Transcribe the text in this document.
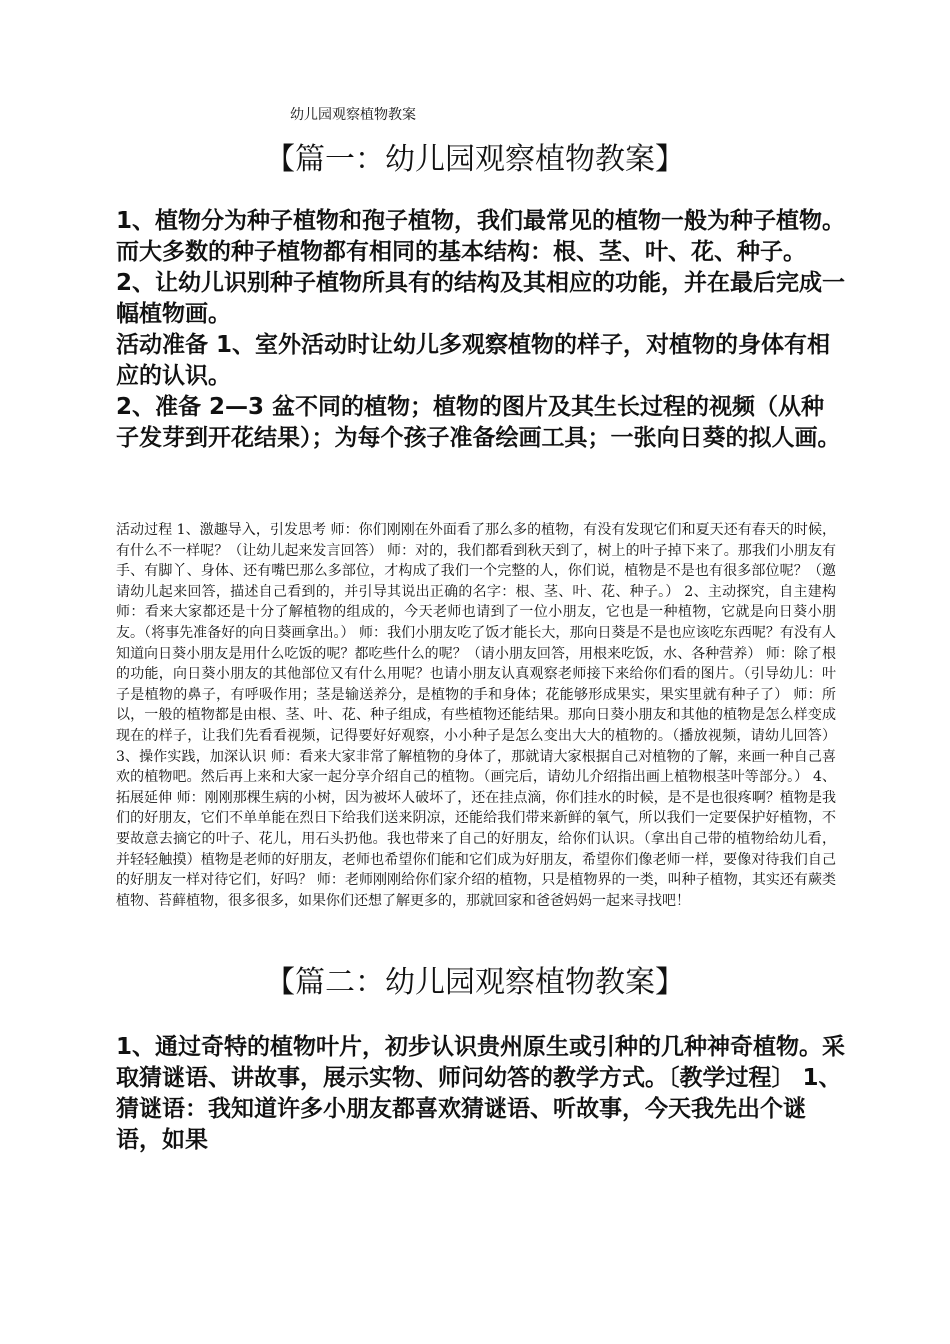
幼儿园观察植物教案

【篇一：幼儿园观察植物教案】

1、植物分为种子植物和孢子植物，我们最常见的植物一般为种子植物。而大多数的种子植物都有相同的基本结构：根、茎、叶、花、种子。

2、让幼儿识别种子植物所具有的结构及其相应的功能，并在最后完成一幅植物画。

活动准备 1、室外活动时让幼儿多观察植物的样子，对植物的身体有相应的认识。

2、准备 2—3 盆不同的植物；植物的图片及其生长过程的视频（从种子发芽到开花结果）；为每个孩子准备绘画工具；一张向日葵的拟人画。

活动过程 1、激趣导入，引发思考 师：你们刚刚在外面看了那么多的植物，有没有发现它们和夏天还有春天的时候，有什么不一样呢？（让幼儿起来发言回答） 师：对的，我们都看到秋天到了，树上的叶子掉下来了。那我们小朋友有手、有脚丫、身体、还有嘴巴那么多部位，才构成了我们一个完整的人，你们说，植物是不是也有很多部位呢？（邀请幼儿起来回答，描述自己看到的，并引导其说出正确的名字：根、茎、叶、花、种子。） 2、主动探究，自主建构 师：看来大家都还是十分了解植物的组成的，今天老师也请到了一位小朋友，它也是一种植物，它就是向日葵小朋友。（将事先准备好的向日葵画拿出。） 师：我们小朋友吃了饭才能长大，那向日葵是不是也应该吃东西呢？有没有人知道向日葵小朋友是用什么吃饭的呢？都吃些什么的呢？（请小朋友回答，用根来吃饭，水、各种营养） 师：除了根的功能，向日葵小朋友的其他部位又有什么用呢？也请小朋友认真观察老师接下来给你们看的图片。（引导幼儿：叶子是植物的鼻子，有呼吸作用；茎是输送养分，是植物的手和身体；花能够形成果实，果实里就有种子了） 师：所以，一般的植物都是由根、茎、叶、花、种子组成，有些植物还能结果。那向日葵小朋友和其他的植物是怎么样变成现在的样子，让我们先看看视频，记得要好好观察，小小种子是怎么变出大大的植物的。（播放视频，请幼儿回答） 3、操作实践，加深认识 师：看来大家非常了解植物的身体了，那就请大家根据自己对植物的了解，来画一种自己喜欢的植物吧。然后再上来和大家一起分享介绍自己的植物。（画完后，请幼儿介绍指出画上植物根茎叶等部分。） 4、拓展延伸 师：刚刚那棵生病的小树，因为被坏人破坏了，还在挂点滴，你们挂水的时候，是不是也很疼啊？植物是我们的好朋友，它们不单单能在烈日下给我们送来阴凉，还能给我们带来新鲜的氧气，所以我们一定要保护好植物，不要故意去摘它的叶子、花儿，用石头扔他。我也带来了自己的好朋友，给你们认识。（拿出自己带的植物给幼儿看，并轻轻触摸）植物是老师的好朋友，老师也希望你们能和它们成为好朋友，希望你们像老师一样，要像对待我们自己的好朋友一样对待它们，好吗？ 师：老师刚刚给你们家介绍的植物，只是植物界的一类，叫种子植物，其实还有蕨类植物、苔藓植物，很多很多，如果你们还想了解更多的，那就回家和爸爸妈妈一起来寻找吧！

【篇二：幼儿园观察植物教案】

1、通过奇特的植物叶片，初步认识贵州原生或引种的几种神奇植物。采取猜谜语、讲故事，展示实物、师问幼答的教学方式。〔教学过程〕 1、猜谜语：我知道许多小朋友都喜欢猜谜语、听故事，今天我先出个谜语，如果
